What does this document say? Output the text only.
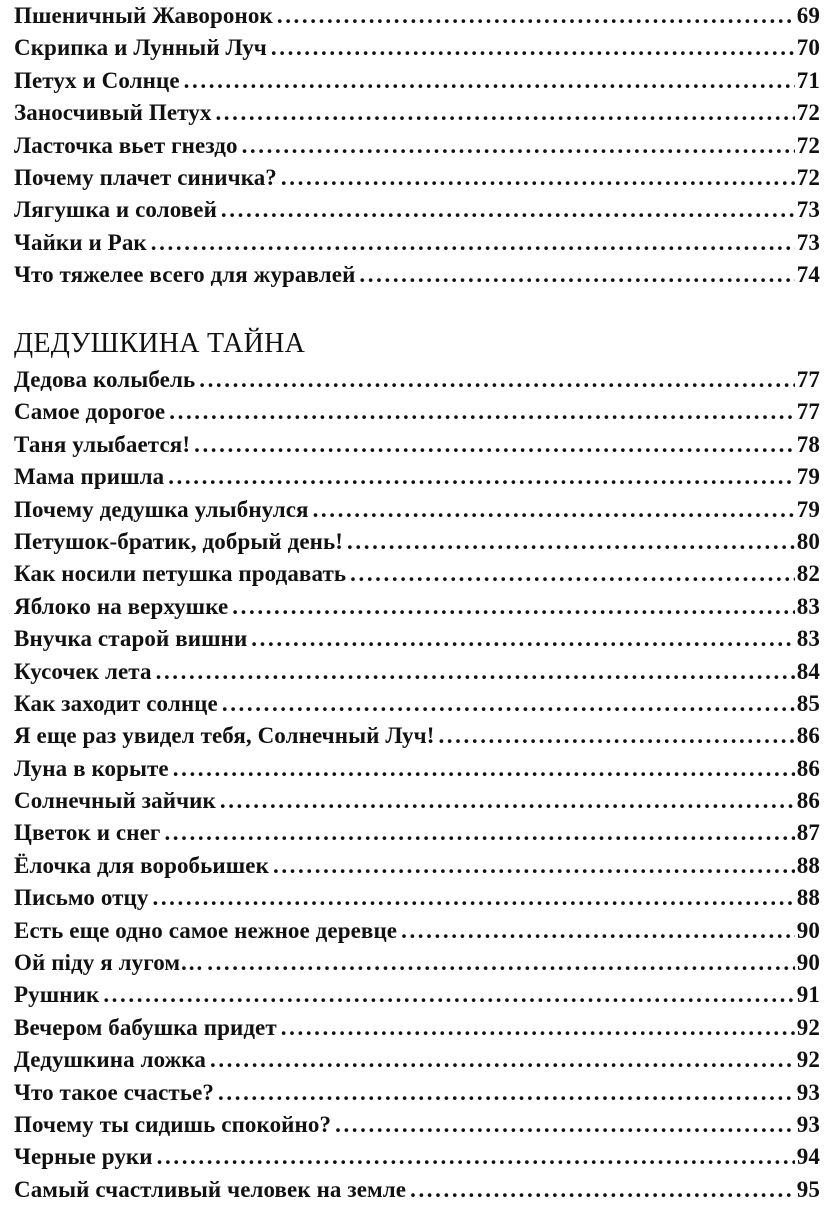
Пшеничный Жаворонок .....	69
Скрипка и Лунный Луч .....	70
Петух и Солнце .....	71
Заносчивый Петух .....	72
Ласточка вьет гнездо .....	72
Почему плачет синичка? .....	72
Лягушка и соловей .....	73
Чайки и Рак .....	73
Что тяжелее всего для журавлей .....	74
ДЕДУШКИНА ТАЙНА
Дедова колыбель .....	77
Самое дорогое .....	77
Таня улыбается! .....	78
Мама пришла .....	79
Почему дедушка улыбнулся .....	79
Петушок-братик, добрый день! .....	80
Как носили петушка продавать .....	82
Яблоко на верхушке .....	83
Внучка старой вишни .....	83
Кусочек лета .....	84
Как заходит солнце .....	85
Я еще раз увидел тебя, Солнечный Луч! .....	86
Луна в корыте .....	86
Солнечный зайчик .....	86
Цветок и снег .....	87
Ёлочка для воробьишек .....	88
Письмо отцу .....	88
Есть еще одно самое нежное деревце .....	90
Ой піду я лугом… .....	90
Рушник .....	91
Вечером бабушка придет .....	92
Дедушкина ложка .....	92
Что такое счастье? .....	93
Почему ты сидишь спокойно? .....	93
Черные руки .....	94
Самый счастливый человек на земле .....	95
